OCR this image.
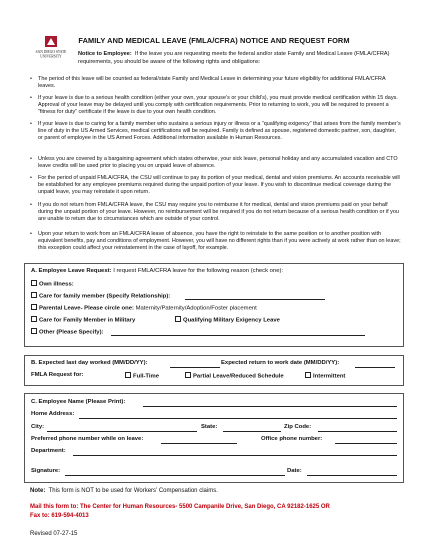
SAN DIEGO STATE
UNIVERSITY
FAMILY AND MEDICAL LEAVE (FMLA/CFRA) NOTICE AND REQUEST FORM
Notice to Employee: If the leave you are requesting meets the federal and/or state Family and Medical Leave (FMLA/CFRA) requirements, you should be aware of the following rights and obligations:
• The period of this leave will be counted as federal/state Family and Medical Leave in determining your future eligibility for additional FMLA/CFRA leaves.
• If your leave is due to a serious health condition (either your own, your spouse’s or your child’s), you must provide medical certification within 15 days. Approval of your leave may be delayed until you comply with certification requirements. Prior to returning to work, you will be required to present a “fitness for duty” certificate if the leave is due to your own health condition.
• If your leave is due to caring for a family member who sustains a serious injury or illness or a “qualifying exigency” that arises from the family member’s line of duty in the US Armed Services, medical certifications will be required. Family is defined as spouse, registered domestic partner, son, daughter, or parent of employee in the US Armed Forces. Additional information available in Human Resources.
• Unless you are covered by a bargaining agreement which states otherwise, your sick leave, personal holiday and any accumulated vacation and CTO leave credits will be used prior to placing you on unpaid leave of absence.
• For the period of unpaid FMLA/CFRA, the CSU will continue to pay its portion of your medical, dental and vision premiums. An accounts receivable will be established for any employee premiums required during the unpaid portion of your leave. If you wish to discontinue medical coverage during the unpaid leave, you may reinstate it upon return.
• If you do not return from FMLA/CFRA leave, the CSU may require you to reimburse it for medical, dental and vision premiums paid on your behalf during the unpaid portion of your leave. However, no reimbursement will be required if you do not return because of a serious health condition or if you are unable to return due to circumstances which are outside of your control.
• Upon your return to work from an FMLA/CFRA leave of absence, you have the right to reinstate to the same position or to another position with equivalent benefits, pay and conditions of employment. However, you will have no different rights than if you were actively at work rather than on leave; this exception could affect your reinstatement in the case of layoff, for example.
A. Employee Leave Request: I request FMLA/CFRA leave for the following reason (check one):
Own illness:
Care for family member (Specify Relationship):
Parental Leave- Please circle one: Maternity/Paternity/Adoption/Foster placement
Care for Family Member in Military	Qualifying Military Exigency Leave
Other (Please Specify):
B. Expected last day worked (MM/DD/YY):	Expected return to work date (MM/DD/YY):
FMLA Request for:	Full-Time	Partial Leave/Reduced Schedule	Intermittent
C. Employee Name (Please Print):
Home Address:
City:	State:	Zip Code:
Preferred phone number while on leave:	Office phone number:
Department:
Signature:	Date:
Note: This form is NOT to be used for Workers’ Compensation claims.
Mail this form to: The Center for Human Resources- 5500 Campanile Drive, San Diego, CA 92182-1625 OR
Fax to: 619-594-4013
Revised 07-27-15
